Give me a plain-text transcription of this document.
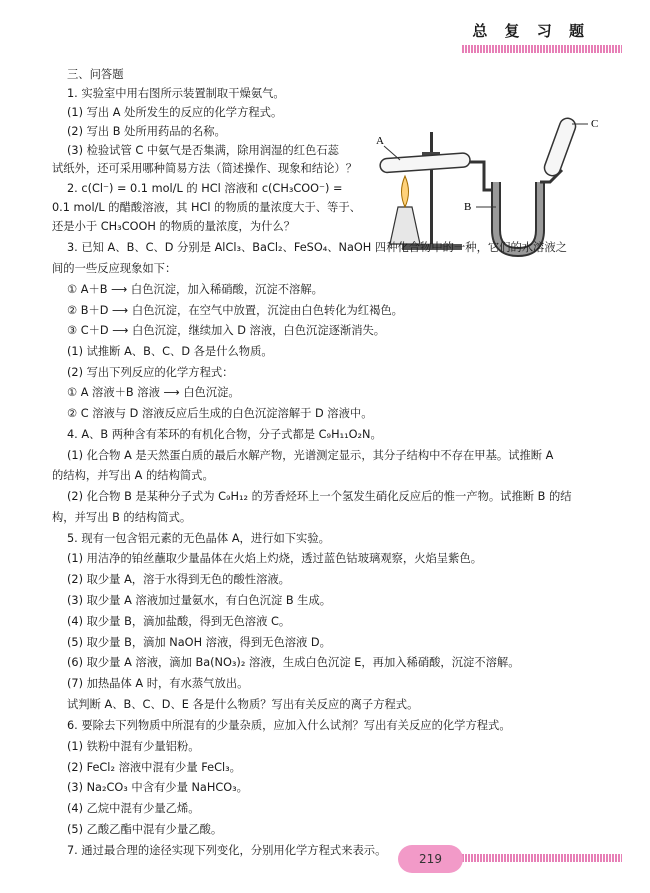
总 复 习 题
A
B
C
三、问答题
1. 实验室中用右图所示装置制取干燥氨气。
(1) 写出 A 处所发生的反应的化学方程式。
(2) 写出 B 处所用药品的名称。
(3) 检验试管 C 中氨气是否集满，除用润湿的红色石蕊
试纸外，还可采用哪种简易方法（简述操作、现象和结论）？
2. c(Cl⁻) = 0.1 mol/L 的 HCl 溶液和 c(CH₃COO⁻) =
0.1 mol/L 的醋酸溶液，其 HCl 的物质的量浓度大于、等于、
还是小于 CH₃COOH 的物质的量浓度，为什么？
3. 已知 A、B、C、D 分别是 AlCl₃、BaCl₂、FeSO₄、NaOH 四种化合物中的一种，它们的水溶液之
间的一些反应现象如下：
① A＋B ⟶ 白色沉淀，加入稀硝酸，沉淀不溶解。
② B＋D ⟶ 白色沉淀，在空气中放置，沉淀由白色转化为红褐色。
③ C＋D ⟶ 白色沉淀，继续加入 D 溶液，白色沉淀逐渐消失。
(1) 试推断 A、B、C、D 各是什么物质。
(2) 写出下列反应的化学方程式：
① A 溶液＋B 溶液 ⟶ 白色沉淀。
② C 溶液与 D 溶液反应后生成的白色沉淀溶解于 D 溶液中。
4. A、B 两种含有苯环的有机化合物，分子式都是 C₉H₁₁O₂N。
(1) 化合物 A 是天然蛋白质的最后水解产物，光谱测定显示，其分子结构中不存在甲基。试推断 A
的结构，并写出 A 的结构简式。
(2) 化合物 B 是某种分子式为 C₉H₁₂ 的芳香烃环上一个氢发生硝化反应后的惟一产物。试推断 B 的结
构，并写出 B 的结构简式。
5. 现有一包含铝元素的无色晶体 A，进行如下实验。
(1) 用洁净的铂丝蘸取少量晶体在火焰上灼烧，透过蓝色钴玻璃观察，火焰呈紫色。
(2) 取少量 A，溶于水得到无色的酸性溶液。
(3) 取少量 A 溶液加过量氨水，有白色沉淀 B 生成。
(4) 取少量 B，滴加盐酸，得到无色溶液 C。
(5) 取少量 B，滴加 NaOH 溶液，得到无色溶液 D。
(6) 取少量 A 溶液，滴加 Ba(NO₃)₂ 溶液，生成白色沉淀 E，再加入稀硝酸，沉淀不溶解。
(7) 加热晶体 A 时，有水蒸气放出。
试判断 A、B、C、D、E 各是什么物质？写出有关反应的离子方程式。
6. 要除去下列物质中所混有的少量杂质，应加入什么试剂？写出有关反应的化学方程式。
(1) 铁粉中混有少量铝粉。
(2) FeCl₂ 溶液中混有少量 FeCl₃。
(3) Na₂CO₃ 中含有少量 NaHCO₃。
(4) 乙烷中混有少量乙烯。
(5) 乙酸乙酯中混有少量乙酸。
7. 通过最合理的途径实现下列变化，分别用化学方程式来表示。
219
